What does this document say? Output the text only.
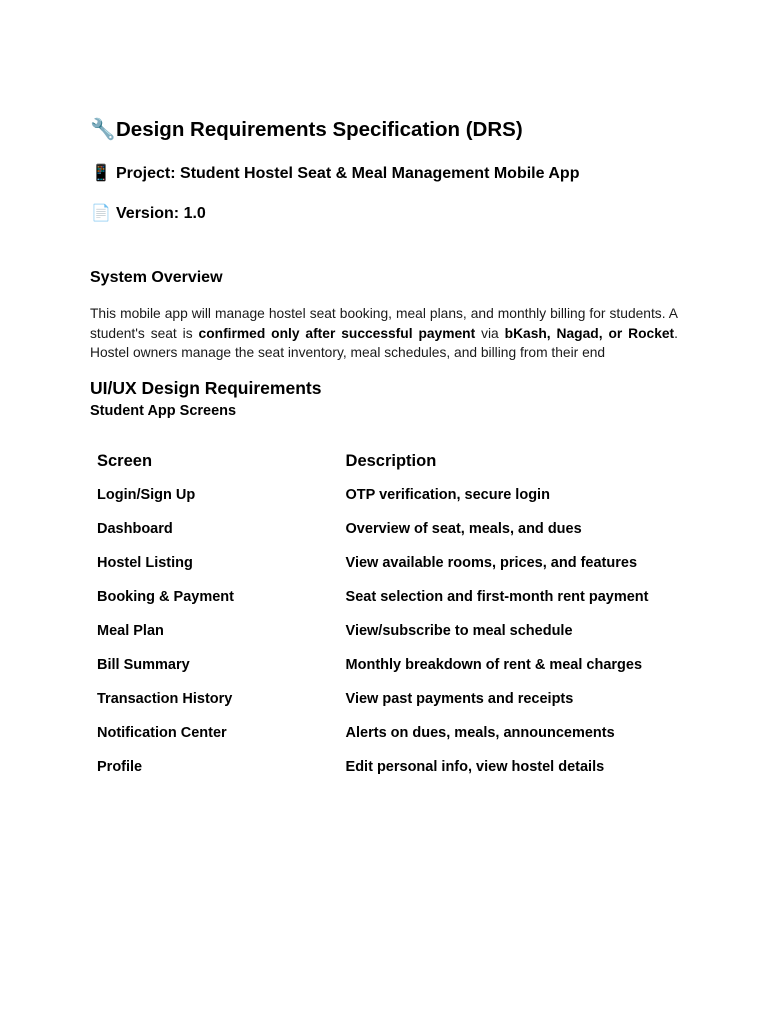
🔧Design Requirements Specification (DRS)
📱 Project: Student Hostel Seat & Meal Management Mobile App
📄 Version: 1.0
System Overview

This mobile app will manage hostel seat booking, meal plans, and monthly billing for students. A student's seat is confirmed only after successful payment via bKash, Nagad, or Rocket. Hostel owners manage the seat inventory, meal schedules, and billing from their end

UI/UX Design Requirements
Student App Screens
Screen	Description
Login/Sign Up	OTP verification, secure login
Dashboard	Overview of seat, meals, and dues
Hostel Listing	View available rooms, prices, and features
Booking & Payment	Seat selection and first-month rent payment
Meal Plan	View/subscribe to meal schedule
Bill Summary	Monthly breakdown of rent & meal charges
Transaction History	View past payments and receipts
Notification Center	Alerts on dues, meals, announcements
Profile	Edit personal info, view hostel details
